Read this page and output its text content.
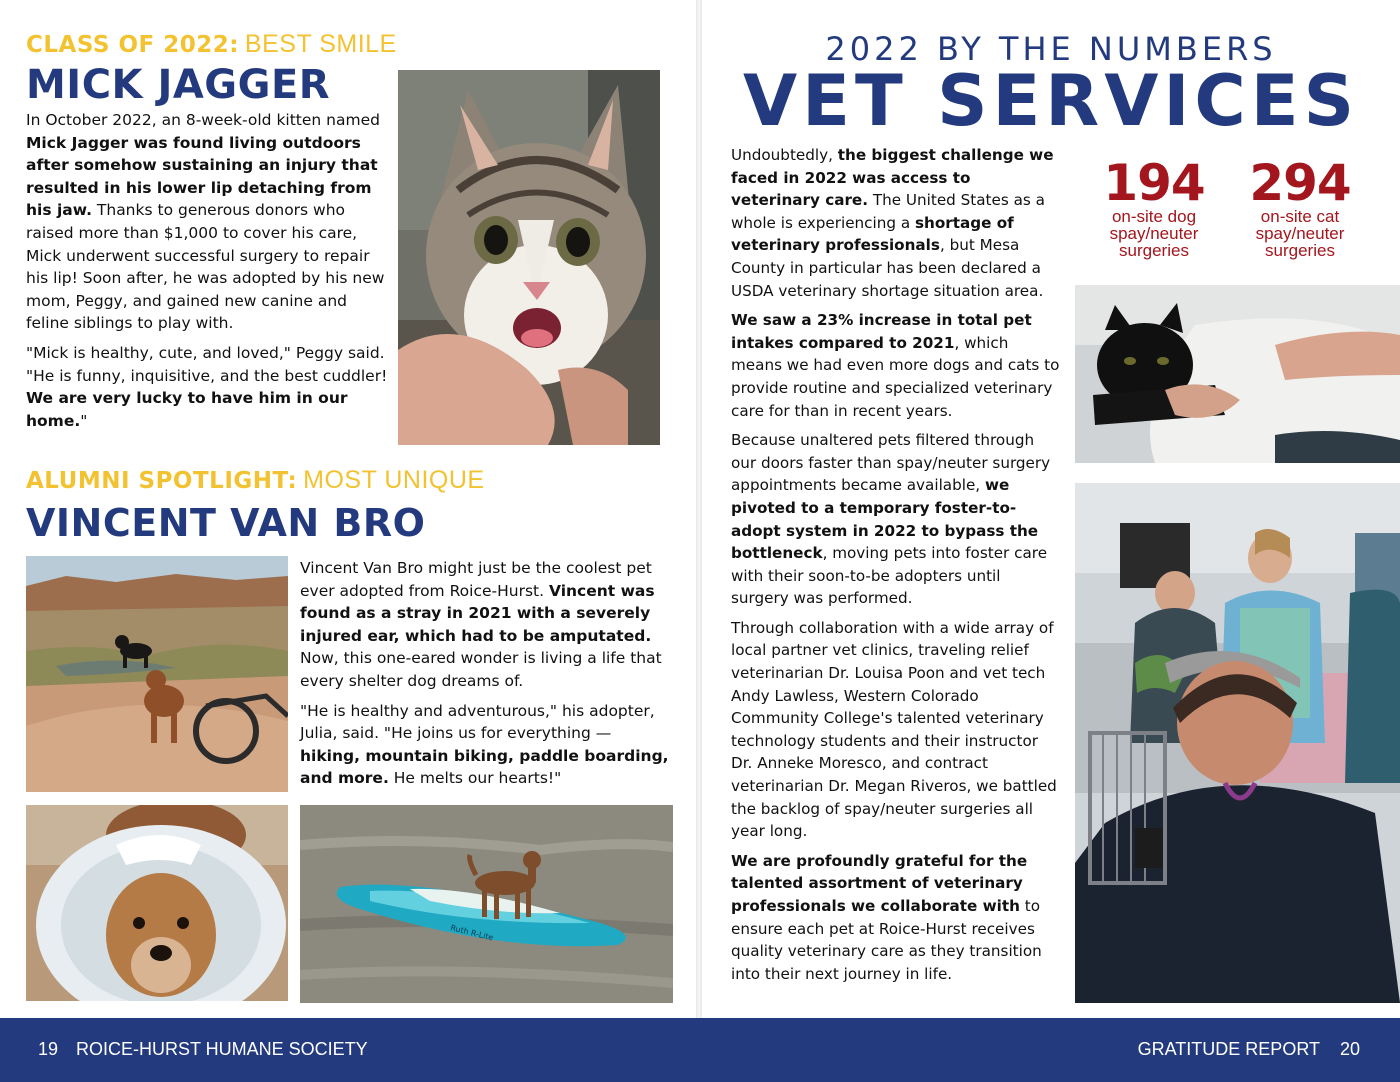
CLASS OF 2022: BEST SMILE
MICK JAGGER

In October 2022, an 8-week-old kitten named Mick Jagger was found living outdoors after somehow sustaining an injury that resulted in his lower lip detaching from his jaw. Thanks to generous donors who raised more than $1,000 to cover his care, Mick underwent successful surgery to repair his lip! Soon after, he was adopted by his new mom, Peggy, and gained new canine and feline siblings to play with.

"Mick is healthy, cute, and loved," Peggy said. "He is funny, inquisitive, and the best cuddler! We are very lucky to have him in our home."

ALUMNI SPOTLIGHT: MOST UNIQUE
VINCENT VAN BRO

Vincent Van Bro might just be the coolest pet ever adopted from Roice-Hurst. Vincent was found as a stray in 2021 with a severely injured ear, which had to be amputated. Now, this one-eared wonder is living a life that every shelter dog dreams of.

"He is healthy and adventurous," his adopter, Julia, said. "He joins us for everything — hiking, mountain biking, paddle boarding, and more. He melts our hearts!"

Ruth R-Lite
2022 BY THE NUMBERS
VET SERVICES

Undoubtedly, the biggest challenge we faced in 2022 was access to veterinary care. The United States as a whole is experiencing a shortage of veterinary professionals, but Mesa County in particular has been declared a USDA veterinary shortage situation area.

We saw a 23% increase in total pet intakes compared to 2021, which means we had even more dogs and cats to provide routine and specialized veterinary care for than in recent years.

Because unaltered pets filtered through our doors faster than spay/neuter surgery appointments became available, we pivoted to a temporary foster-to-adopt system in 2022 to bypass the bottleneck, moving pets into foster care with their soon-to-be adopters until surgery was performed.

Through collaboration with a wide array of local partner vet clinics, traveling relief veterinarian Dr. Louisa Poon and vet tech Andy Lawless, Western Colorado Community College's talented veterinary technology students and their instructor Dr. Anneke Moresco, and contract veterinarian Dr. Megan Riveros, we battled the backlog of spay/neuter surgeries all year long.

We are profoundly grateful for the talented assortment of veterinary professionals we collaborate with to ensure each pet at Roice-Hurst receives quality veterinary care as they transition into their next journey in life.

194
on-site dog
spay/neuter
surgeries
294
on-site cat
spay/neuter
surgeries
19 ROICE-HURST HUMANE SOCIETY	GRATITUDE REPORT 20
